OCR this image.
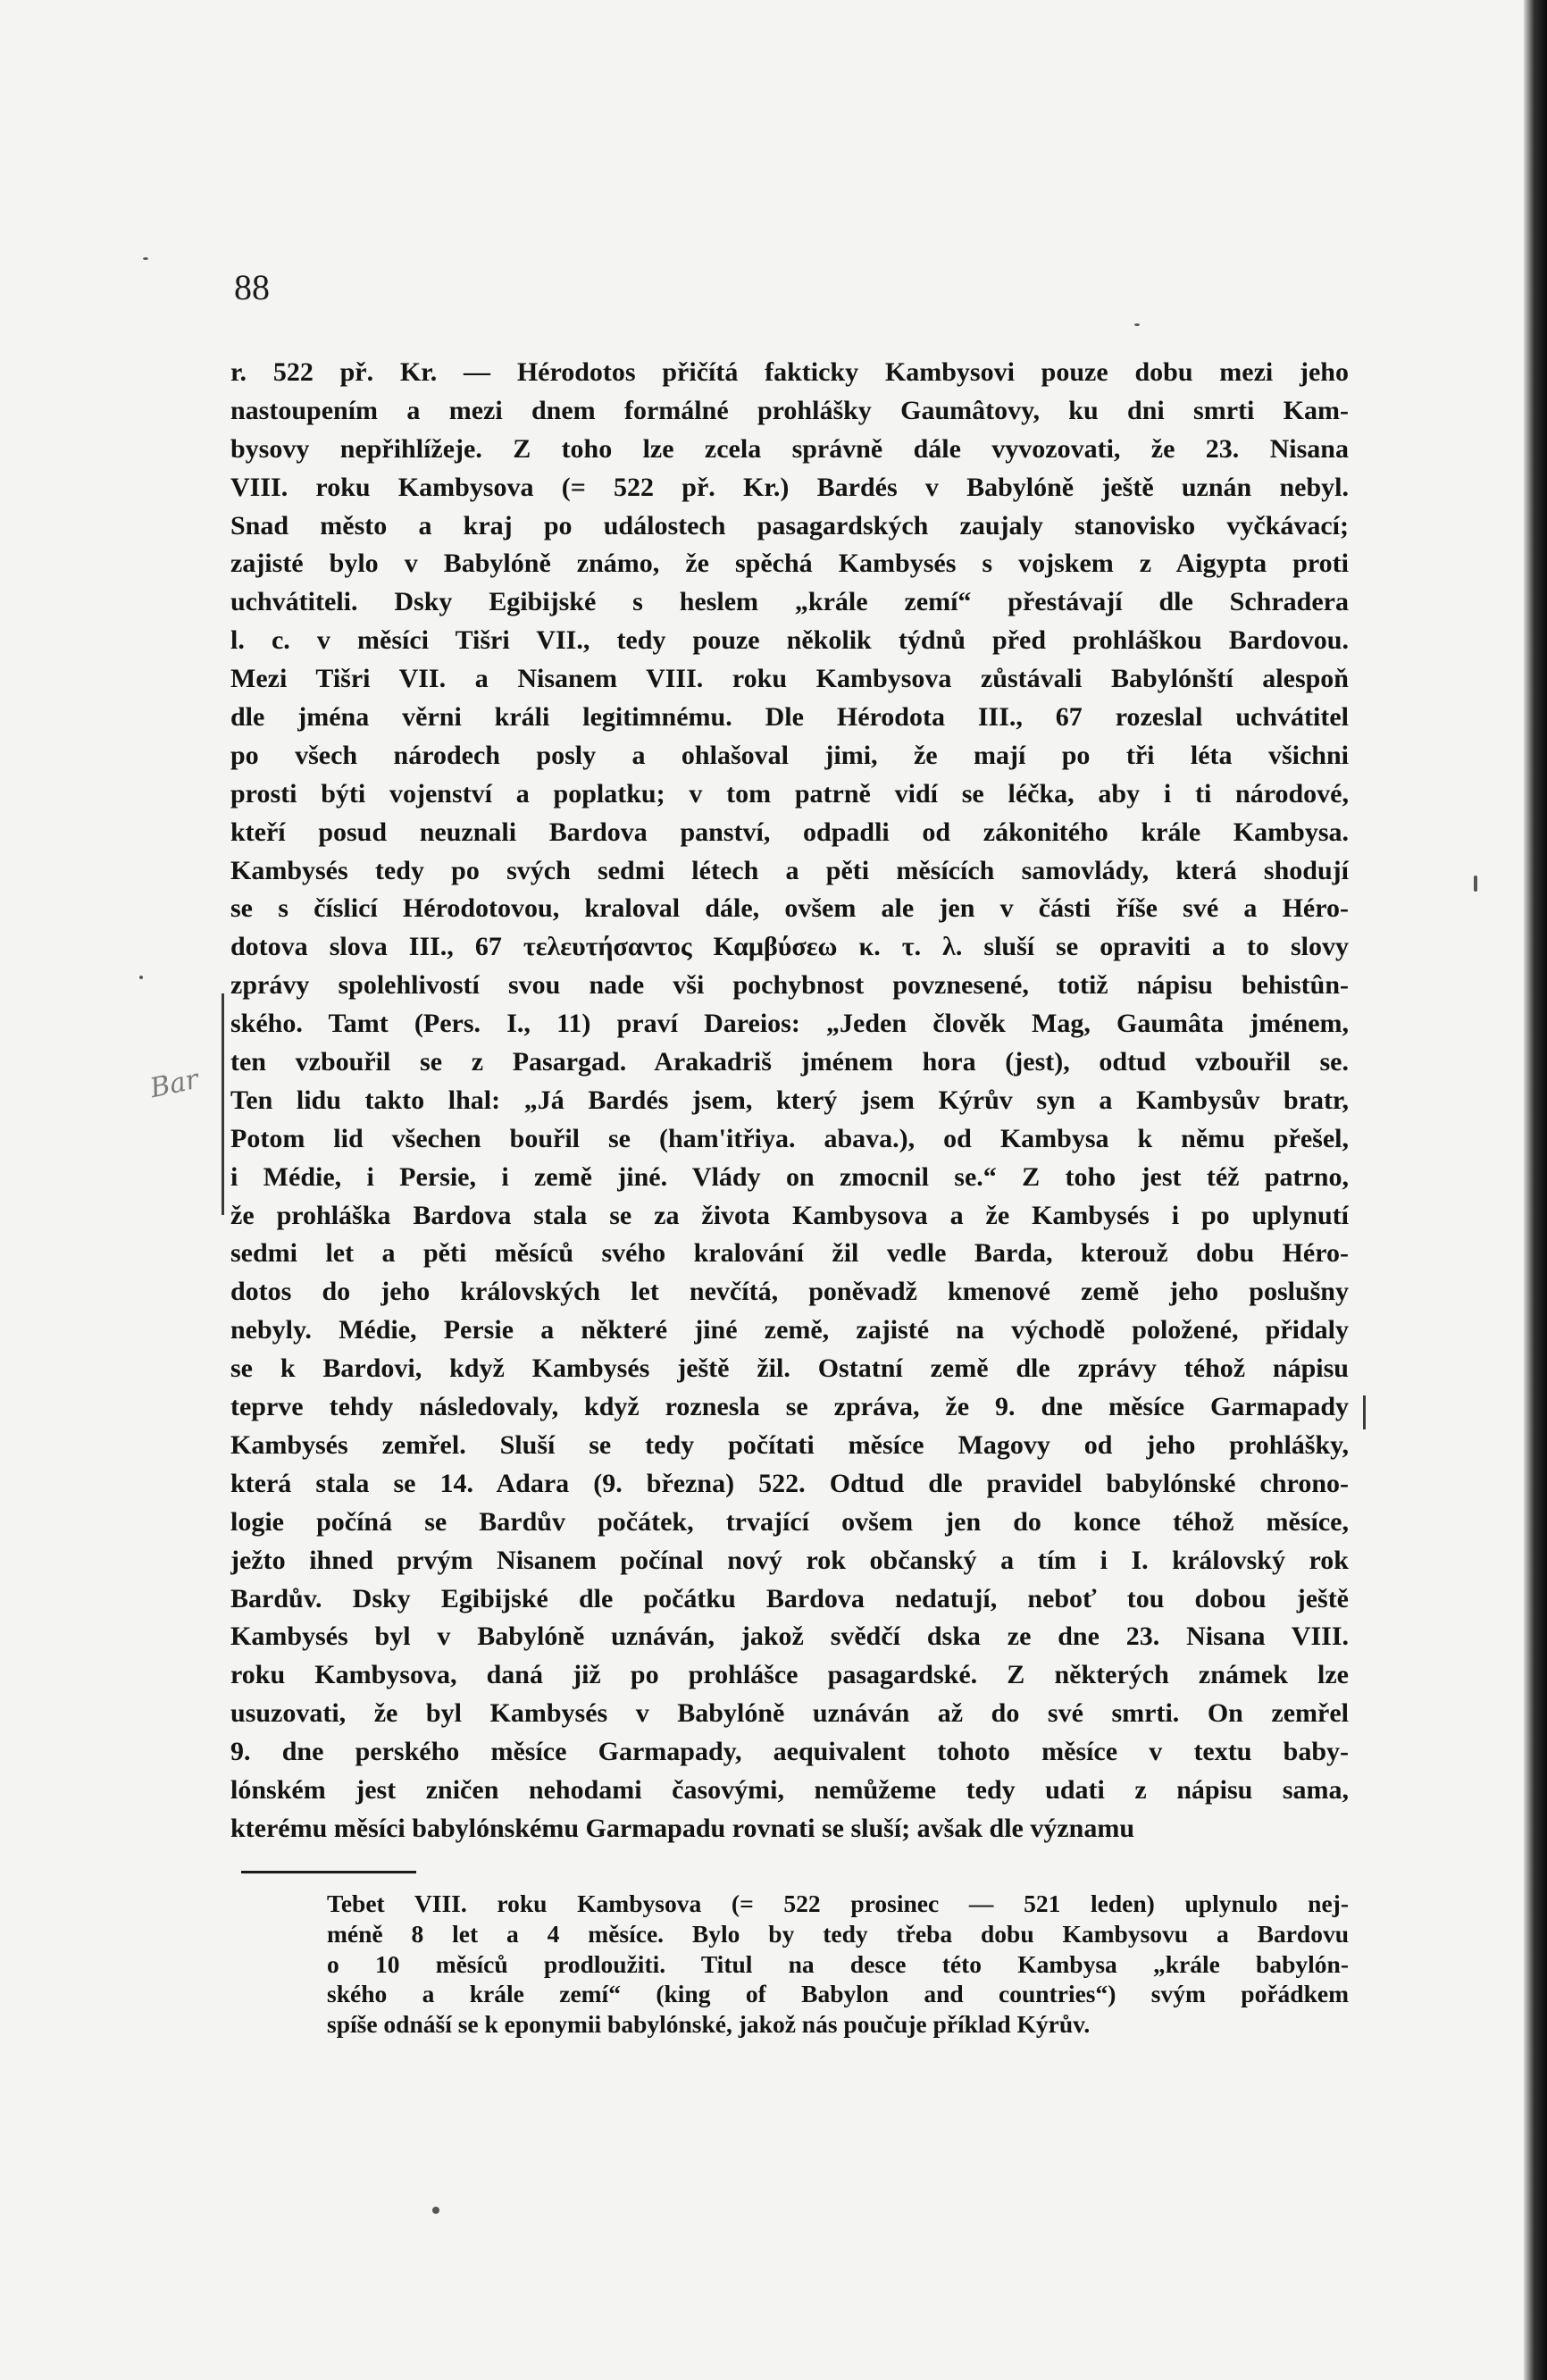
88
Bar
r. 522 př. Kr. — Hérodotos přičítá fakticky Kambysovi pouze dobu mezi jeho
nastoupením a mezi dnem formálné prohlášky Gaumâtovy, ku dni smrti Kam-
bysovy nepřihlížeje. Z toho lze zcela správně dále vyvozovati, že 23. Nisana
VIII. roku Kambysova (= 522 př. Kr.) Bardés v Babylóně ještě uznán nebyl.
Snad město a kraj po událostech pasagardských zaujaly stanovisko vyčkávací;
zajisté bylo v Babylóně známo, že spěchá Kambysés s vojskem z Aigypta proti
uchvátiteli. Dsky Egibijské s heslem „krále zemí“ přestávají dle Schradera
l. c. v měsíci Tišri VII., tedy pouze několik týdnů před prohláškou Bardovou.
Mezi Tišri VII. a Nisanem VIII. roku Kambysova zůstávali Babylónští alespoň
dle jména věrni králi legitimnému. Dle Hérodota III., 67 rozeslal uchvátitel
po všech národech posly a ohlašoval jimi, že mají po tři léta všichni
prosti býti vojenství a poplatku; v tom patrně vidí se léčka, aby i ti národové,
kteří posud neuznali Bardova panství, odpadli od zákonitého krále Kambysa.
Kambysés tedy po svých sedmi létech a pěti měsících samovlády, která shodují
se s číslicí Hérodotovou, kraloval dále, ovšem ale jen v části říše své a Héro-
dotova slova III., 67 τελευτήσαντος Καμβύσεω κ. τ. λ. sluší se opraviti a to slovy
zprávy spolehlivostí svou nade vši pochybnost povznesené, totiž nápisu behistûn-
ského. Tamt (Pers. I., 11) praví Dareios: „Jeden člověk Mag, Gaumâta jménem,
ten vzbouřil se z Pasargad. Arakadriš jménem hora (jest), odtud vzbouřil se.
Ten lidu takto lhal: „Já Bardés jsem, který jsem Kýrův syn a Kambysův bratr,
Potom lid všechen bouřil se (ham'itřiya. abava.), od Kambysa k němu přešel,
i Médie, i Persie, i země jiné. Vlády on zmocnil se.“ Z toho jest též patrno,
že prohláška Bardova stala se za života Kambysova a že Kambysés i po uplynutí
sedmi let a pěti měsíců svého kralování žil vedle Barda, kterouž dobu Héro-
dotos do jeho královských let nevčítá, poněvadž kmenové země jeho poslušny
nebyly. Médie, Persie a některé jiné země, zajisté na východě položené, přidaly
se k Bardovi, když Kambysés ještě žil. Ostatní země dle zprávy téhož nápisu
teprve tehdy následovaly, když roznesla se zpráva, že 9. dne měsíce Garmapady
Kambysés zemřel. Sluší se tedy počítati měsíce Magovy od jeho prohlášky,
která stala se 14. Adara (9. března) 522. Odtud dle pravidel babylónské chrono-
logie počíná se Bardův počátek, trvající ovšem jen do konce téhož měsíce,
ježto ihned prvým Nisanem počínal nový rok občanský a tím i I. královský rok
Bardův. Dsky Egibijské dle počátku Bardova nedatují, neboť tou dobou ještě
Kambysés byl v Babylóně uznáván, jakož svědčí dska ze dne 23. Nisana VIII.
roku Kambysova, daná již po prohlášce pasagardské. Z některých známek lze
usuzovati, že byl Kambysés v Babylóně uznáván až do své smrti. On zemřel
9. dne perského měsíce Garmapady, aequivalent tohoto měsíce v textu baby-
lónském jest zničen nehodami časovými, nemůžeme tedy udati z nápisu sama,
kterému měsíci babylónskému Garmapadu rovnati se sluší; avšak dle významu
Tebet VIII. roku Kambysova (= 522 prosinec — 521 leden) uplynulo nej-
méně 8 let a 4 měsíce. Bylo by tedy třeba dobu Kambysovu a Bardovu
o 10 měsíců prodloužiti. Titul na desce této Kambysa „krále babylón-
ského a krále zemí“ (king of Babylon and countries“) svým pořádkem
spíše odnáší se k eponymii babylónské, jakož nás poučuje příklad Kýrův.
